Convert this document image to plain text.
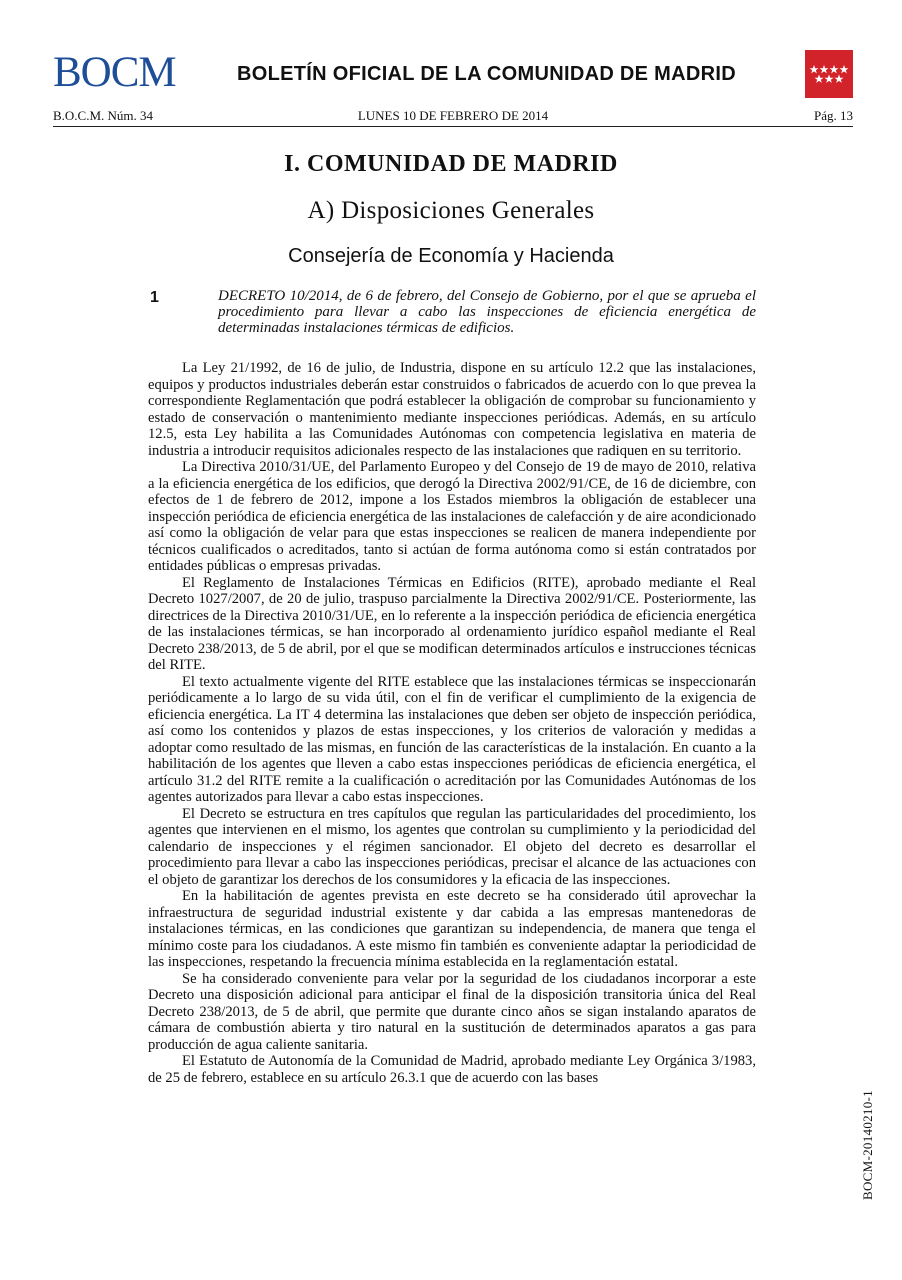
BOCM	BOLETÍN OFICIAL DE LA COMUNIDAD DE MADRID
B.O.C.M. Núm. 34	LUNES 10 DE FEBRERO DE 2014	Pág. 13
I. COMUNIDAD DE MADRID
A) Disposiciones Generales
Consejería de Economía y Hacienda
1	DECRETO 10/2014, de 6 de febrero, del Consejo de Gobierno, por el que se aprueba el procedimiento para llevar a cabo las inspecciones de eficiencia energética de determinadas instalaciones térmicas de edificios.

La Ley 21/1992, de 16 de julio, de Industria, dispone en su artículo 12.2 que las instalaciones, equipos y productos industriales deberán estar construidos o fabricados de acuerdo con lo que prevea la correspondiente Reglamentación que podrá establecer la obligación de comprobar su funcionamiento y estado de conservación o mantenimiento mediante inspecciones periódicas. Además, en su artículo 12.5, esta Ley habilita a las Comunidades Autónomas con competencia legislativa en materia de industria a introducir requisitos adicionales respecto de las instalaciones que radiquen en su territorio.

La Directiva 2010/31/UE, del Parlamento Europeo y del Consejo de 19 de mayo de 2010, relativa a la eficiencia energética de los edificios, que derogó la Directiva 2002/91/CE, de 16 de diciembre, con efectos de 1 de febrero de 2012, impone a los Estados miembros la obligación de establecer una inspección periódica de eficiencia energética de las instalaciones de calefacción y de aire acondicionado así como la obligación de velar para que estas inspecciones se realicen de manera independiente por técnicos cualificados o acreditados, tanto si actúan de forma autónoma como si están contratados por entidades públicas o empresas privadas.

El Reglamento de Instalaciones Térmicas en Edificios (RITE), aprobado mediante el Real Decreto 1027/2007, de 20 de julio, traspuso parcialmente la Directiva 2002/91/CE. Posteriormente, las directrices de la Directiva 2010/31/UE, en lo referente a la inspección periódica de eficiencia energética de las instalaciones térmicas, se han incorporado al ordenamiento jurídico español mediante el Real Decreto 238/2013, de 5 de abril, por el que se modifican determinados artículos e instrucciones técnicas del RITE.

El texto actualmente vigente del RITE establece que las instalaciones térmicas se inspeccionarán periódicamente a lo largo de su vida útil, con el fin de verificar el cumplimiento de la exigencia de eficiencia energética. La IT 4 determina las instalaciones que deben ser objeto de inspección periódica, así como los contenidos y plazos de estas inspecciones, y los criterios de valoración y medidas a adoptar como resultado de las mismas, en función de las características de la instalación. En cuanto a la habilitación de los agentes que lleven a cabo estas inspecciones periódicas de eficiencia energética, el artículo 31.2 del RITE remite a la cualificación o acreditación por las Comunidades Autónomas de los agentes autorizados para llevar a cabo estas inspecciones.

El Decreto se estructura en tres capítulos que regulan las particularidades del procedimiento, los agentes que intervienen en el mismo, los agentes que controlan su cumplimiento y la periodicidad del calendario de inspecciones y el régimen sancionador. El objeto del decreto es desarrollar el procedimiento para llevar a cabo las inspecciones periódicas, precisar el alcance de las actuaciones con el objeto de garantizar los derechos de los consumidores y la eficacia de las inspecciones.

En la habilitación de agentes prevista en este decreto se ha considerado útil aprovechar la infraestructura de seguridad industrial existente y dar cabida a las empresas mantenedoras de instalaciones térmicas, en las condiciones que garantizan su independencia, de manera que tenga el mínimo coste para los ciudadanos. A este mismo fin también es conveniente adaptar la periodicidad de las inspecciones, respetando la frecuencia mínima establecida en la reglamentación estatal.

Se ha considerado conveniente para velar por la seguridad de los ciudadanos incorporar a este Decreto una disposición adicional para anticipar el final de la disposición transitoria única del Real Decreto 238/2013, de 5 de abril, que permite que durante cinco años se sigan instalando aparatos de cámara de combustión abierta y tiro natural en la sustitución de determinados aparatos a gas para producción de agua caliente sanitaria.

El Estatuto de Autonomía de la Comunidad de Madrid, aprobado mediante Ley Orgánica 3/1983, de 25 de febrero, establece en su artículo 26.3.1 que de acuerdo con las bases

BOCM-20140210-1
